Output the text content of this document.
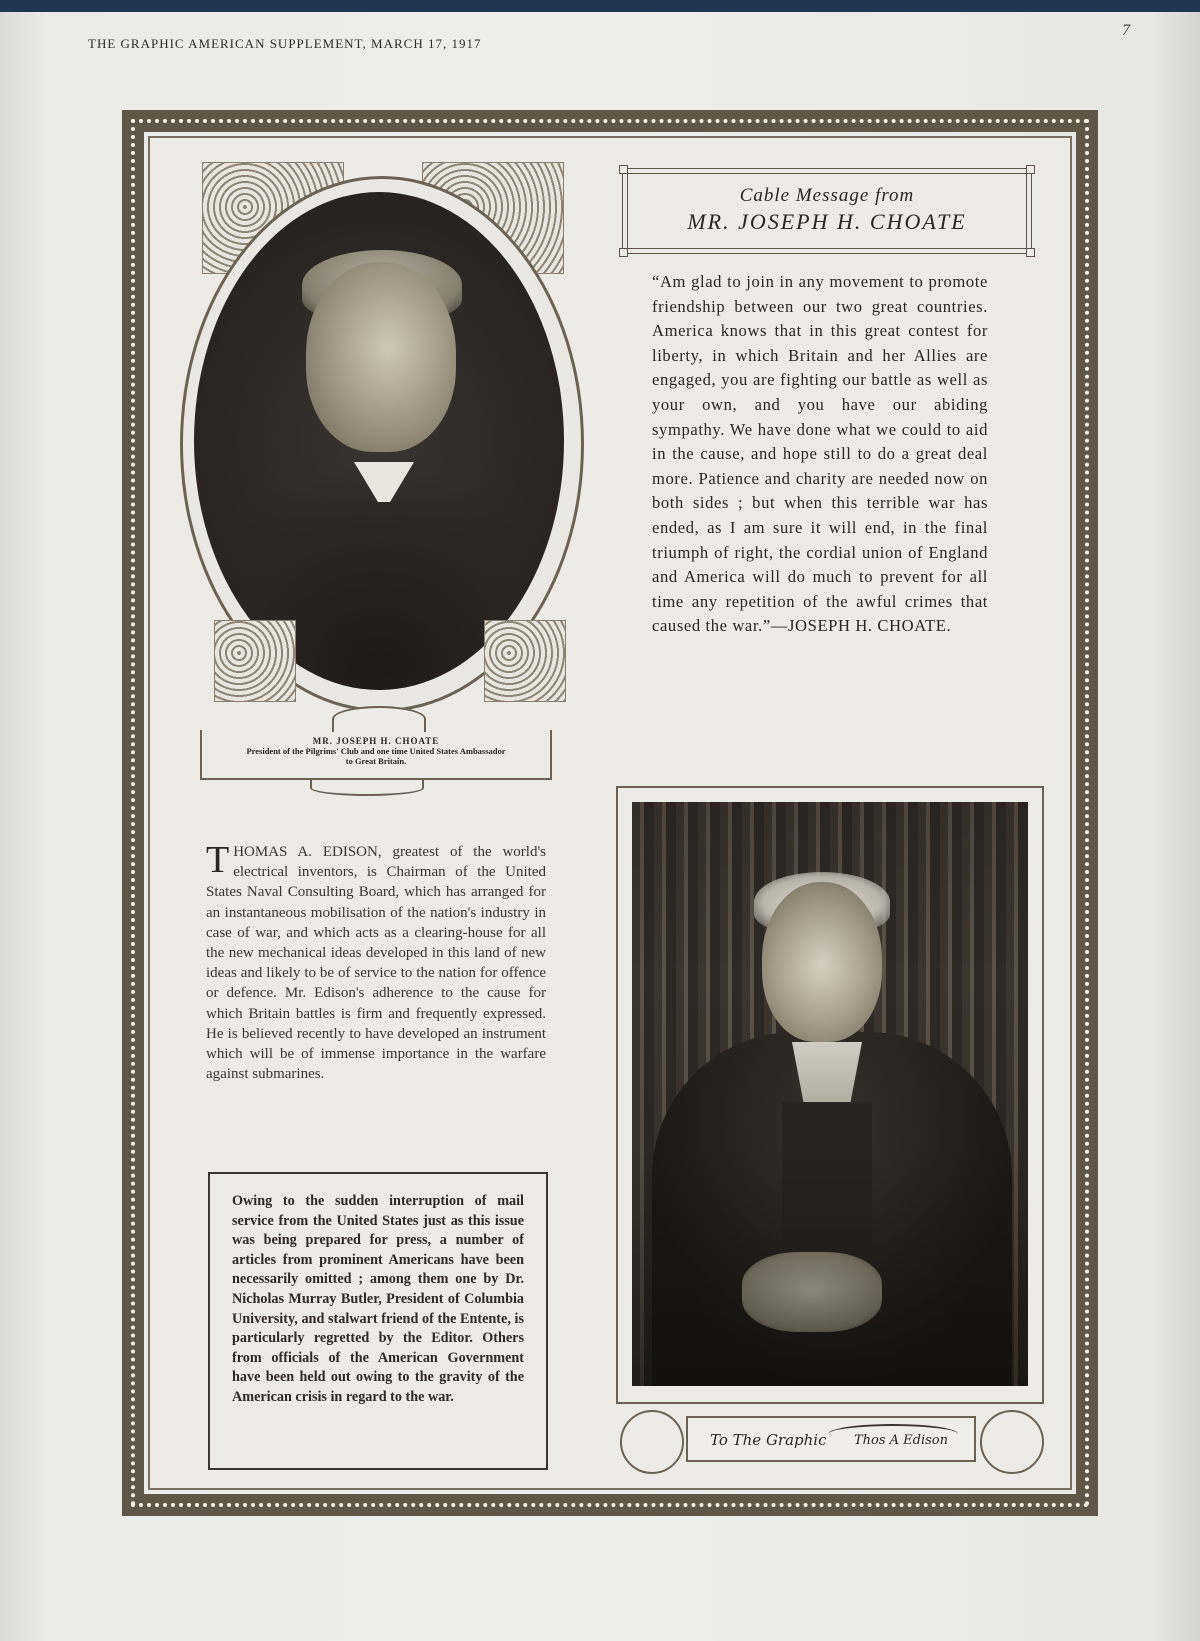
THE GRAPHIC AMERICAN SUPPLEMENT, MARCH 17, 1917
7
MR. JOSEPH H. CHOATE
President of the Pilgrims' Club and one time United States Ambassador
to Great Britain.
Cable Message from
MR. JOSEPH H. CHOATE
“Am glad to join in any movement to promote friendship between our two great countries. America knows that in this great contest for liberty, in which Britain and her Allies are engaged, you are fighting our battle as well as your own, and you have our abiding sympathy. We have done what we could to aid in the cause, and hope still to do a great deal more. Patience and charity are needed now on both sides ; but when this terrible war has ended, as I am sure it will end, in the final triumph of right, the cordial union of England and America will do much to prevent for all time any repetition of the awful crimes that caused the war.”—JOSEPH H. CHOATE.
THOMAS A. EDISON, greatest of the world's electrical inventors, is Chairman of the United States Naval Consulting Board, which has arranged for an instantaneous mobilisation of the nation's industry in case of war, and which acts as a clearing-house for all the new mechanical ideas developed in this land of new ideas and likely to be of service to the nation for offence or defence. Mr. Edison's adherence to the cause for which Britain battles is firm and frequently expressed. He is believed recently to have developed an instrument which will be of immense importance in the warfare against submarines.
Owing to the sudden interruption of mail service from the United States just as this issue was being prepared for press, a number of articles from prominent Americans have been necessarily omitted ; among them one by Dr. Nicholas Murray Butler, President of Columbia University, and stalwart friend of the Entente, is particularly regretted by the Editor. Others from officials of the American Government have been held out owing to the gravity of the American crisis in regard to the war.
To The Graphic Thos A Edison
